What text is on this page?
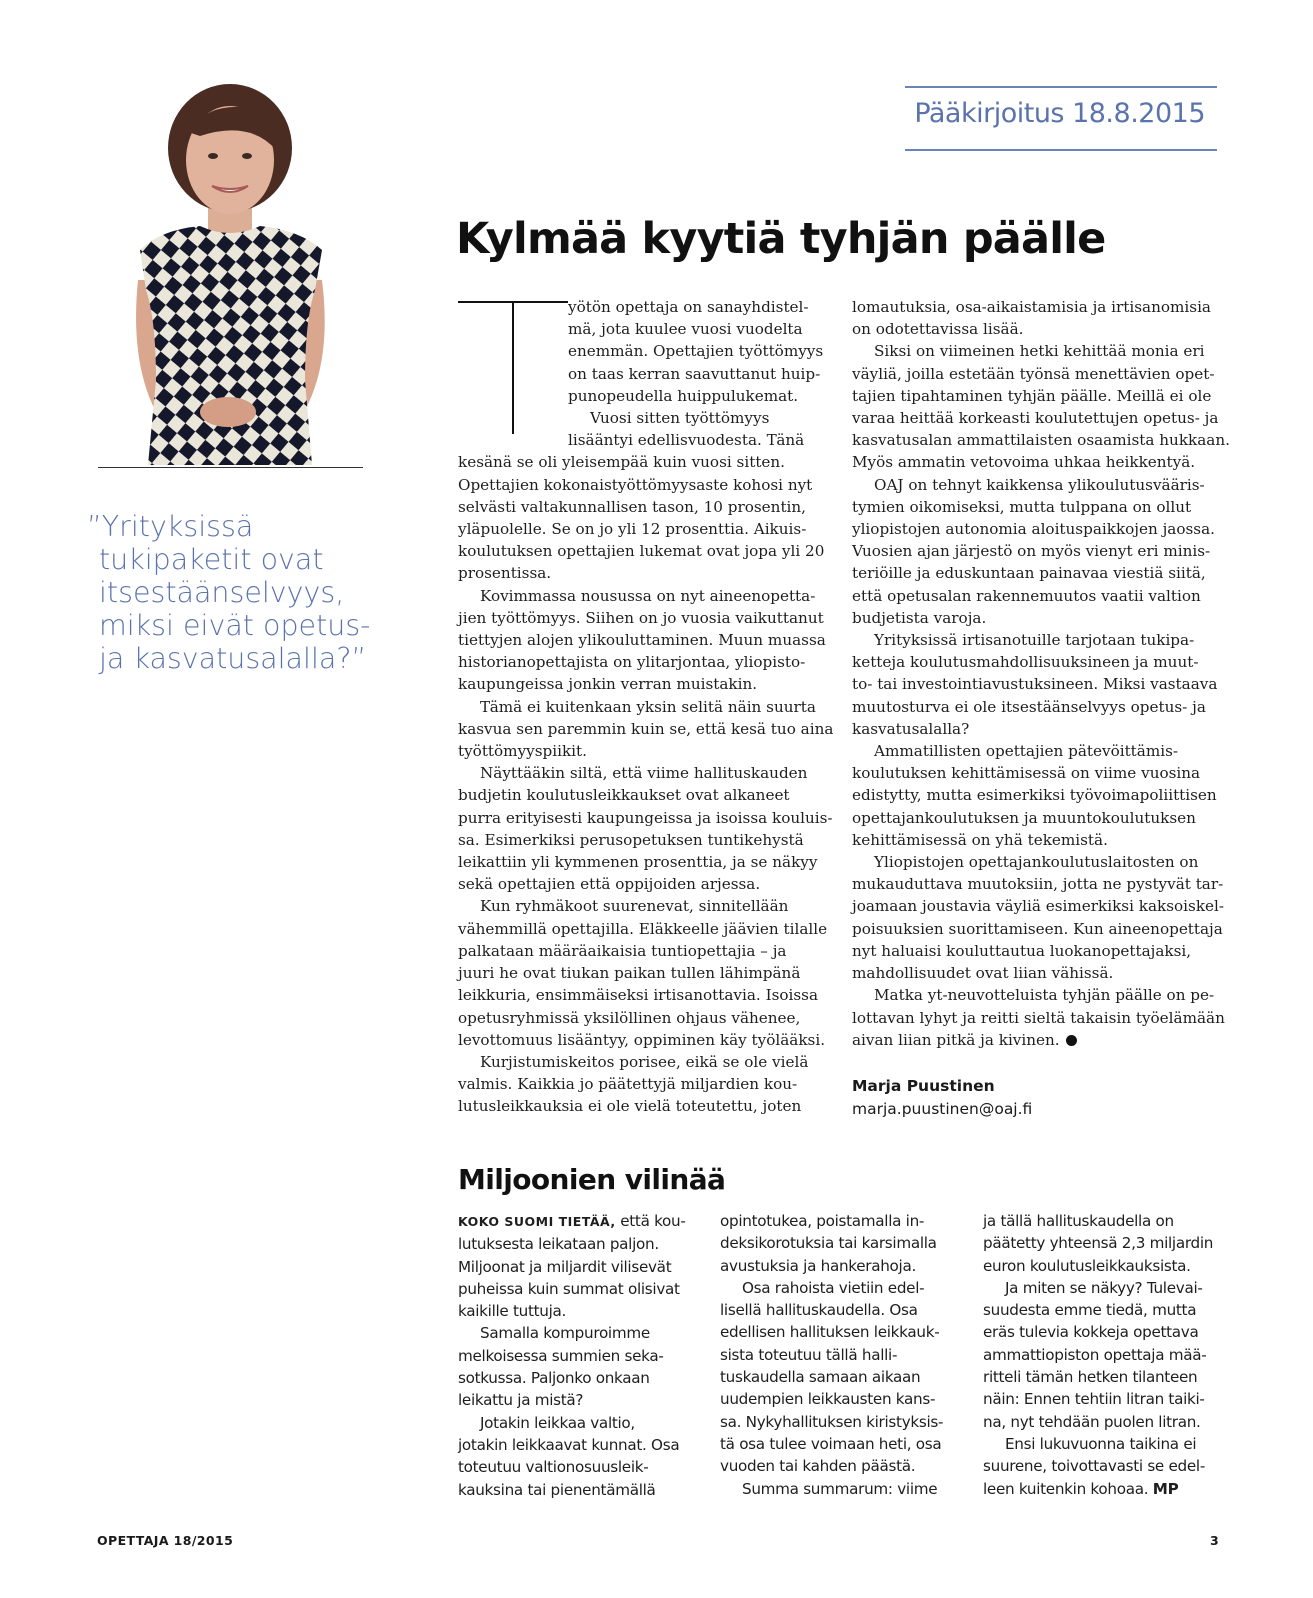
Pääkirjoitus 18.8.2015
”Yrityksissä
tukipaketit ovat
itsestäänselvyys,
miksi eivät opetus-
ja kasvatusalalla?”
Kylmää kyytiä tyhjän päälle
yötön opettaja on sanayhdistel-
mä, jota kuulee vuosi vuodelta
enemmän. Opettajien työttömyys
on taas kerran saavuttanut huip-
punopeudella huippulukemat.
Vuosi sitten työttömyys
lisääntyi edellisvuodesta. Tänä
kesänä se oli yleisempää kuin vuosi sitten.
Opettajien kokonaistyöttömyysaste kohosi nyt
selvästi valtakunnallisen tason, 10 prosentin,
yläpuolelle. Se on jo yli 12 prosenttia. Aikuis-
koulutuksen opettajien lukemat ovat jopa yli 20
prosentissa.
Kovimmassa nousussa on nyt aineenopetta-
jien työttömyys. Siihen on jo vuosia vaikuttanut
tiettyjen alojen ylikouluttaminen. Muun muassa
historianopettajista on ylitarjontaa, yliopisto-
kaupungeissa jonkin verran muistakin.
Tämä ei kuitenkaan yksin selitä näin suurta
kasvua sen paremmin kuin se, että kesä tuo aina
työttömyyspiikit.
Näyttääkin siltä, että viime hallituskauden
budjetin koulutusleikkaukset ovat alkaneet
purra erityisesti kaupungeissa ja isoissa kouluis-
sa. Esimerkiksi perusopetuksen tuntikehystä
leikattiin yli kymmenen prosenttia, ja se näkyy
sekä opettajien että oppijoiden arjessa.
Kun ryhmäkoot suurenevat, sinnitellään
vähemmillä opettajilla. Eläkkeelle jäävien tilalle
palkataan määräaikaisia tuntiopettajia – ja
juuri he ovat tiukan paikan tullen lähimpänä
leikkuria, ensimmäiseksi irtisanottavia. Isoissa
opetusryhmissä yksilöllinen ohjaus vähenee,
levottomuus lisääntyy, oppiminen käy työlääksi.
Kurjistumiskeitos porisee, eikä se ole vielä
valmis. Kaikkia jo päätettyjä miljardien kou-
lutusleikkauksia ei ole vielä toteutettu, joten
lomautuksia, osa-aikaistamisia ja irtisanomisia
on odotettavissa lisää.
Siksi on viimeinen hetki kehittää monia eri
väyliä, joilla estetään työnsä menettävien opet-
tajien tipahtaminen tyhjän päälle. Meillä ei ole
varaa heittää korkeasti koulutettujen opetus- ja
kasvatusalan ammattilaisten osaamista hukkaan.
Myös ammatin vetovoima uhkaa heikkentyä.
OAJ on tehnyt kaikkensa ylikoulutusvääris-
tymien oikomiseksi, mutta tulppana on ollut
yliopistojen autonomia aloituspaikkojen jaossa.
Vuosien ajan järjestö on myös vienyt eri minis-
teriöille ja eduskuntaan painavaa viestiä siitä,
että opetusalan rakennemuutos vaatii valtion
budjetista varoja.
Yrityksissä irtisanotuille tarjotaan tukipa-
ketteja koulutusmahdollisuuksineen ja muut-
to- tai investointiavustuksineen. Miksi vastaava
muutosturva ei ole itsestäänselvyys opetus- ja
kasvatusalalla?
Ammatillisten opettajien pätevöittämis-
koulutuksen kehittämisessä on viime vuosina
edistytty, mutta esimerkiksi työvoimapoliittisen
opettajankoulutuksen ja muuntokoulutuksen
kehittämisessä on yhä tekemistä.
Yliopistojen opettajankoulutuslaitosten on
mukauduttava muutoksiin, jotta ne pystyvät tar-
joamaan joustavia väyliä esimerkiksi kaksoiskel-
poisuuksien suorittamiseen. Kun aineenopettaja
nyt haluaisi kouluttautua luokanopettajaksi,
mahdollisuudet ovat liian vähissä.
Matka yt-neuvotteluista tyhjän päälle on pe-
lottavan lyhyt ja reitti sieltä takaisin työelämään
aivan liian pitkä ja kivinen.
Marja Puustinen
marja.puustinen@oaj.fi
Miljoonien vilinää
KOKO SUOMI TIETÄÄ, että kou-
lutuksesta leikataan paljon.
Miljoonat ja miljardit vilisevät
puheissa kuin summat olisivat
kaikille tuttuja.
Samalla kompuroimme
melkoisessa summien seka-
sotkussa. Paljonko onkaan
leikattu ja mistä?
Jotakin leikkaa valtio,
jotakin leikkaavat kunnat. Osa
toteutuu valtionosuusleik-
kauksina tai pienentämällä
opintotukea, poistamalla in-
deksikorotuksia tai karsimalla
avustuksia ja hankerahoja.
Osa rahoista vietiin edel-
lisellä hallituskaudella. Osa
edellisen hallituksen leikkauk-
sista toteutuu tällä halli-
tuskaudella samaan aikaan
uudempien leikkausten kans-
sa. Nykyhallituksen kiristyksis-
tä osa tulee voimaan heti, osa
vuoden tai kahden päästä.
Summa summarum: viime
ja tällä hallituskaudella on
päätetty yhteensä 2,3 miljardin
euron koulutusleikkauksista.
Ja miten se näkyy? Tulevai-
suudesta emme tiedä, mutta
eräs tulevia kokkeja opettava
ammattiopiston opettaja mää-
ritteli tämän hetken tilanteen
näin: Ennen tehtiin litran taiki-
na, nyt tehdään puolen litran.
Ensi lukuvuonna taikina ei
suurene, toivottavasti se edel-
leen kuitenkin kohoaa. MP
OPETTAJA 18/2015	3
